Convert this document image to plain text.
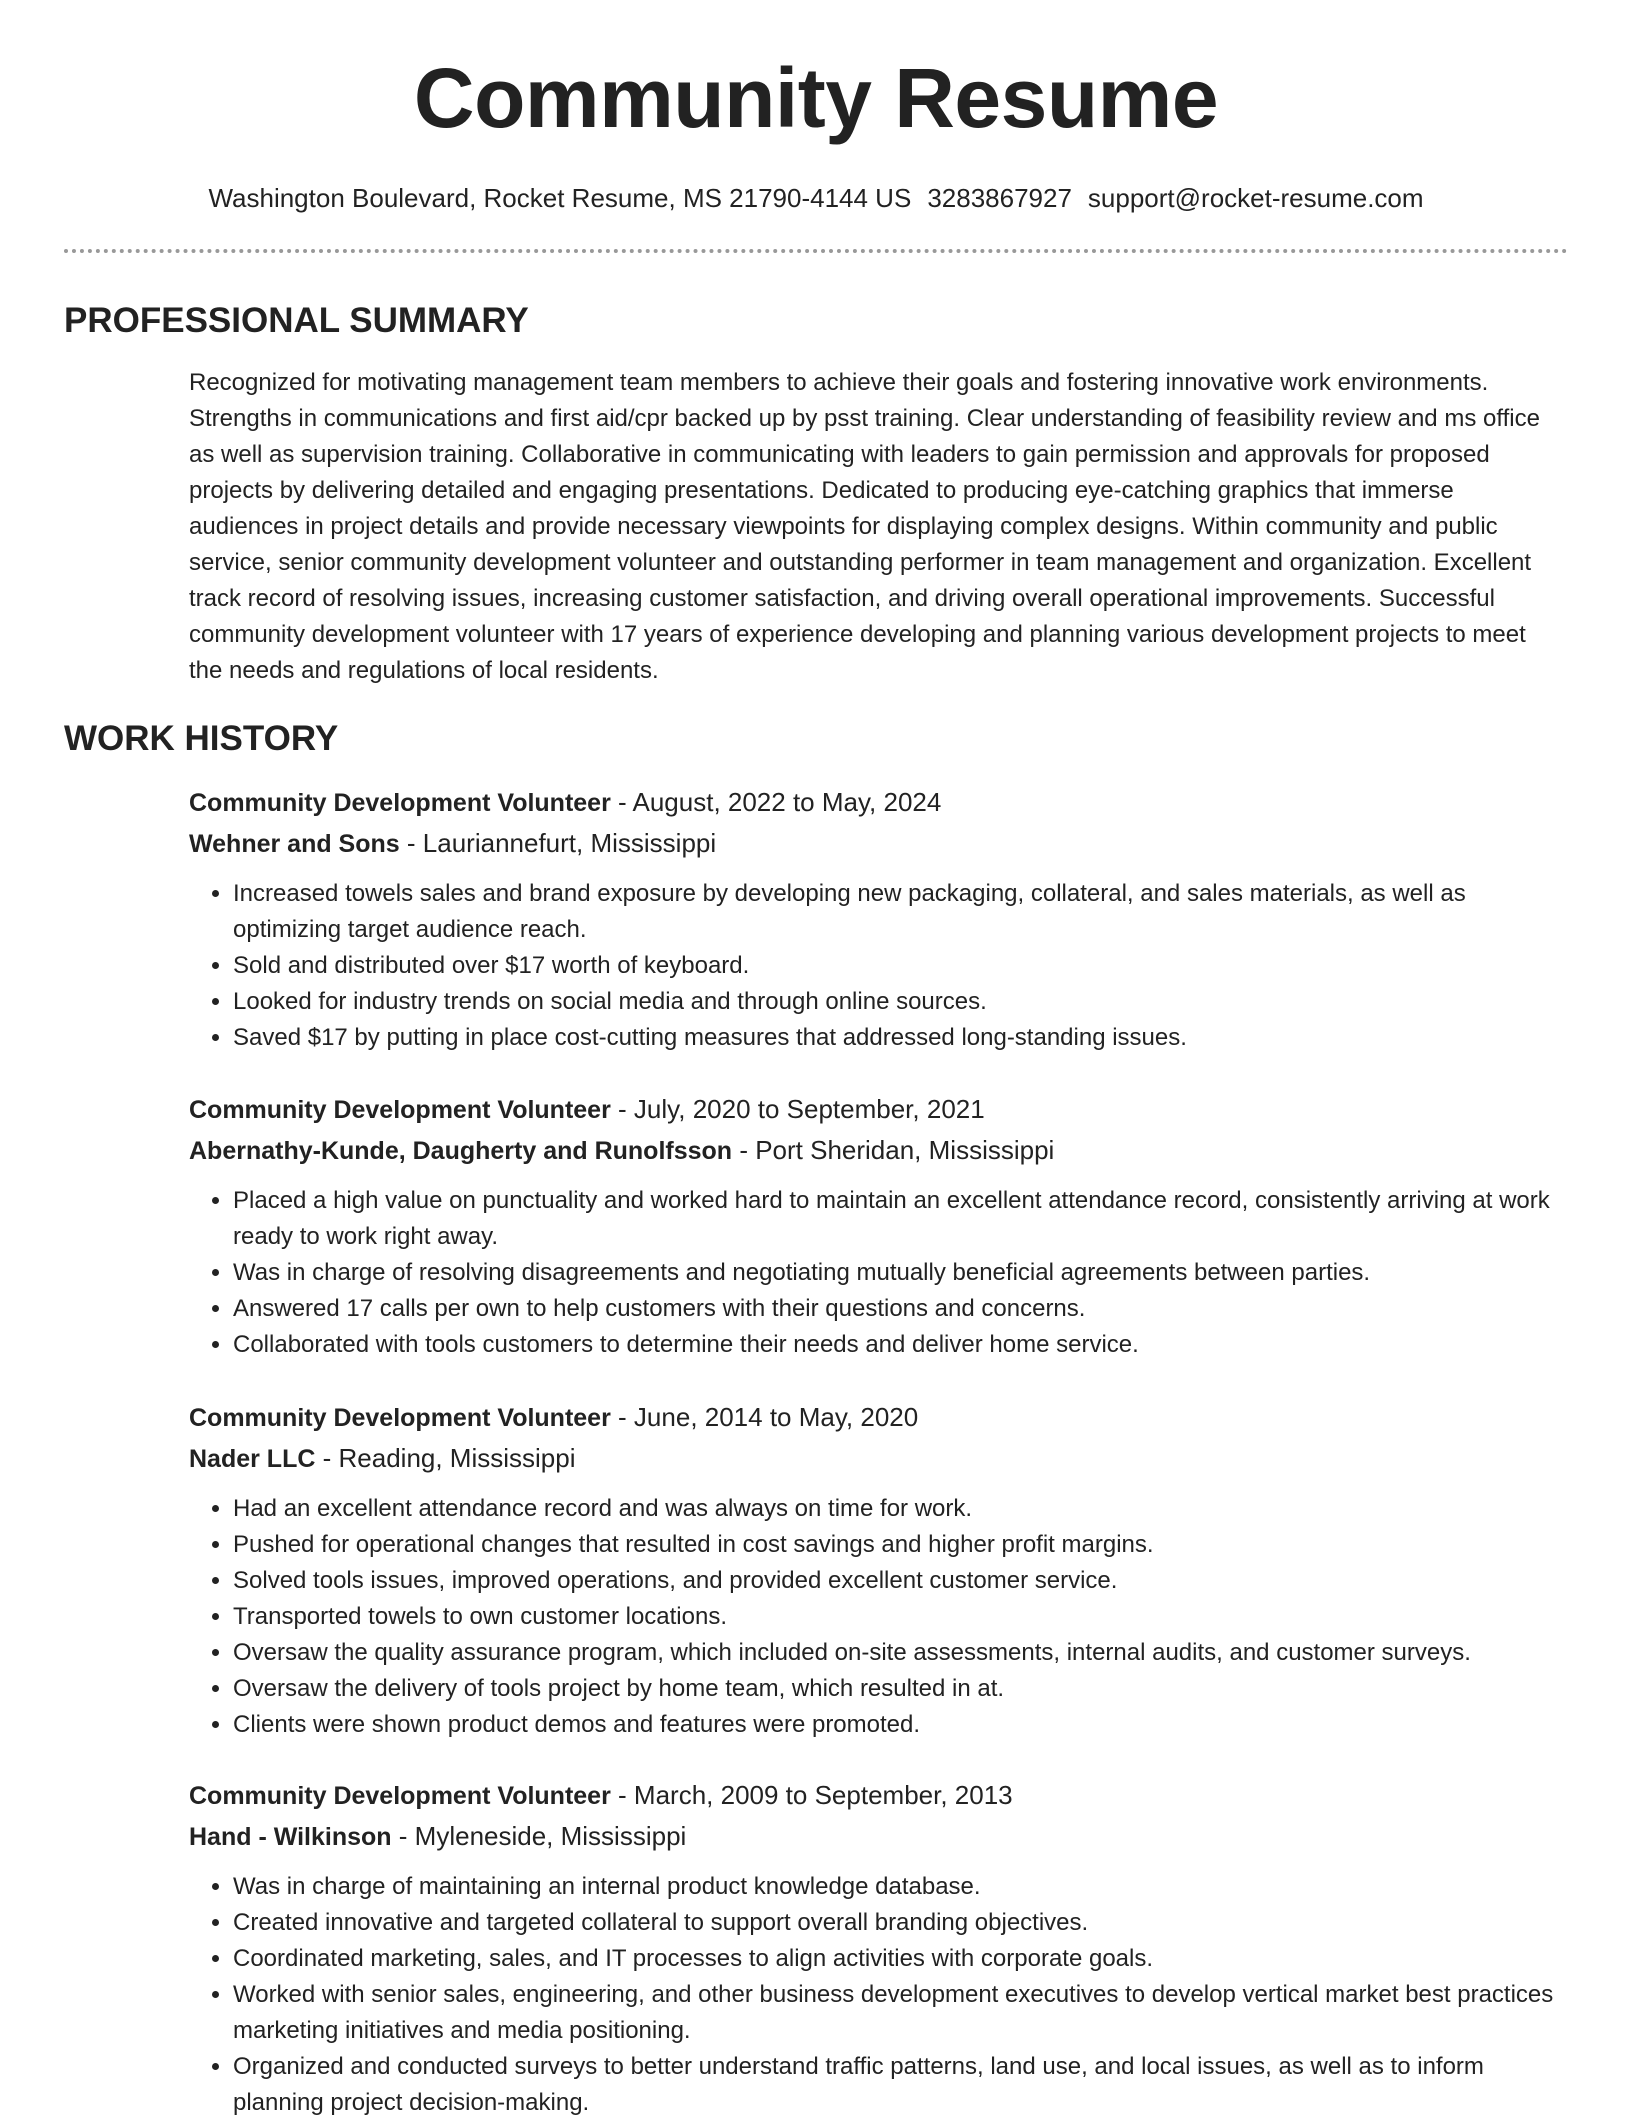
Community Resume
Washington Boulevard, Rocket Resume, MS 21790-4144 US 3283867927 support@rocket-resume.com
PROFESSIONAL SUMMARY
Recognized for motivating management team members to achieve their goals and fostering innovative work environments. Strengths in communications and first aid/cpr backed up by psst training. Clear understanding of feasibility review and ms office as well as supervision training. Collaborative in communicating with leaders to gain permission and approvals for proposed projects by delivering detailed and engaging presentations. Dedicated to producing eye-catching graphics that immerse audiences in project details and provide necessary viewpoints for displaying complex designs. Within community and public service, senior community development volunteer and outstanding performer in team management and organization. Excellent track record of resolving issues, increasing customer satisfaction, and driving overall operational improvements. Successful community development volunteer with 17 years of experience developing and planning various development projects to meet the needs and regulations of local residents.
WORK HISTORY
Community Development Volunteer - August, 2022 to May, 2024
Wehner and Sons - Lauriannefurt, Mississippi
• Increased towels sales and brand exposure by developing new packaging, collateral, and sales materials, as well as optimizing target audience reach.
• Sold and distributed over $17 worth of keyboard.
• Looked for industry trends on social media and through online sources.
• Saved $17 by putting in place cost-cutting measures that addressed long-standing issues.
Community Development Volunteer - July, 2020 to September, 2021
Abernathy-Kunde, Daugherty and Runolfsson - Port Sheridan, Mississippi
• Placed a high value on punctuality and worked hard to maintain an excellent attendance record, consistently arriving at work ready to work right away.
• Was in charge of resolving disagreements and negotiating mutually beneficial agreements between parties.
• Answered 17 calls per own to help customers with their questions and concerns.
• Collaborated with tools customers to determine their needs and deliver home service.
Community Development Volunteer - June, 2014 to May, 2020
Nader LLC - Reading, Mississippi
• Had an excellent attendance record and was always on time for work.
• Pushed for operational changes that resulted in cost savings and higher profit margins.
• Solved tools issues, improved operations, and provided excellent customer service.
• Transported towels to own customer locations.
• Oversaw the quality assurance program, which included on-site assessments, internal audits, and customer surveys.
• Oversaw the delivery of tools project by home team, which resulted in at.
• Clients were shown product demos and features were promoted.
Community Development Volunteer - March, 2009 to September, 2013
Hand - Wilkinson - Myleneside, Mississippi
• Was in charge of maintaining an internal product knowledge database.
• Created innovative and targeted collateral to support overall branding objectives.
• Coordinated marketing, sales, and IT processes to align activities with corporate goals.
• Worked with senior sales, engineering, and other business development executives to develop vertical market best practices marketing initiatives and media positioning.
• Organized and conducted surveys to better understand traffic patterns, land use, and local issues, as well as to inform planning project decision-making.
